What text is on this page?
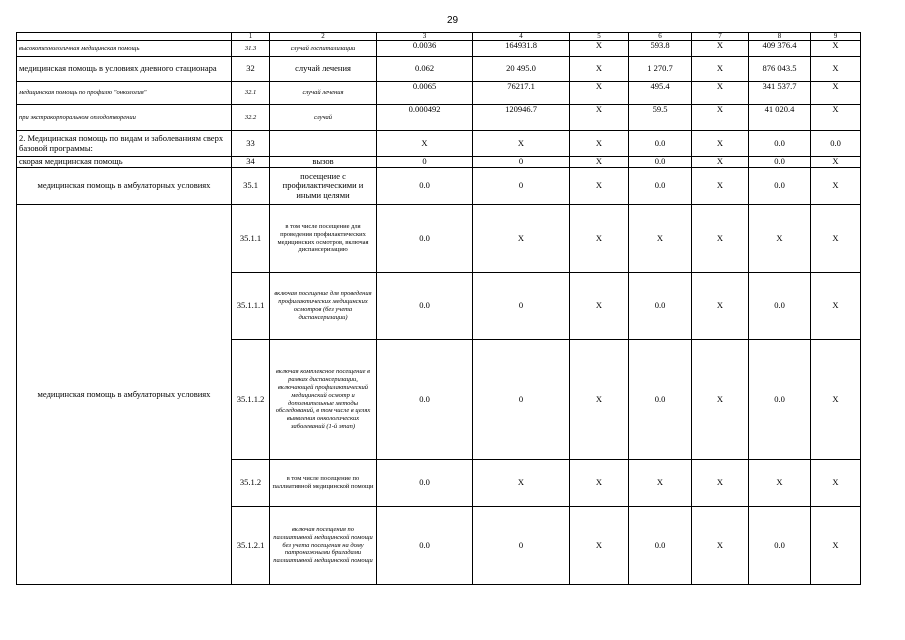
29
	1	2	3	4	5	6	7	8	9
высокотехнологичная медицинская помощь	31.3	случай госпитализации	0.0036	164931.8	X	593.8	X	409 376.4	X
медицинская помощь в условиях дневного стационара	32	случай лечения	0.062	20 495.0	X	1 270.7	X	876 043.5	X
медицинская помощь по профилю "онкология"	32.1	случай лечения	0.0065	76217.1	X	495.4	X	341 537.7	X
при экстракорпоральном оплодотворении	32.2	случай	0.000492	120946.7	X	59.5	X	41 020.4	X
2. Медицинская помощь по видам и заболеваниям сверх базовой программы:	33		X	X	X	0.0	X	0.0	0.0
скорая медицинская помощь	34	вызов	0	0	X	0.0	X	0.0	X
медицинская помощь в амбулаторных условиях	35.1	посещение с профилактическими и иными целями	0.0	0	X	0.0	X	0.0	X
медицинская помощь в амбулаторных условиях	35.1.1	в том числе посещение для проведения профилактических медицинских осмотров, включая диспансеризацию	0.0	X	X	X	X	X	X
	35.1.1.1	включая посещение для проведения профилактических медицинских осмотров (без учета диспансеризации)	0.0	0	X	0.0	X	0.0	X
	35.1.1.2	включая комплексное посещение в рамках диспансеризации, включающей профилактический медицинский осмотр и дополнительные методы обследований, в том числе в целях выявления онкологических заболеваний (1-й этап)	0.0	0	X	0.0	X	0.0	X
	35.1.2	в том числе посещение по паллиативной медицинской помощи	0.0	X	X	X	X	X	X
	35.1.2.1	включая посещения по паллиативной медицинской помощи без учета посещения на дому патронажными бригадами паллиативной медицинской помощи	0.0	0	X	0.0	X	0.0	X
